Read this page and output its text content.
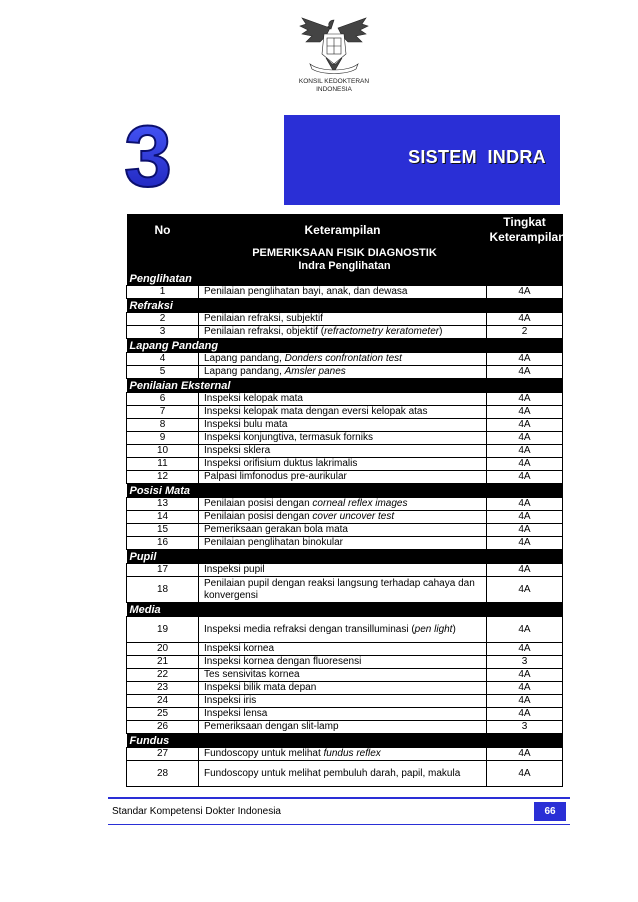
KONSIL KEDOKTERAN
INDONESIA
3	SISTEM  INDRA
No	Keterampilan	Tingkat Keterampilan
PEMERIKSAAN FISIK DIAGNOSTIK		
Indra Penglihatan		
Penglihatan		
1	Penilaian penglihatan bayi, anak, dan dewasa	4A
Refraksi		
2	Penilaian refraksi, subjektif	4A
3	Penilaian refraksi, objektif (refractometry keratometer)	2
Lapang Pandang		
4	Lapang pandang, Donders confrontation test	4A
5	Lapang pandang, Amsler panes	4A
Penilaian Eksternal		
6	Inspeksi kelopak mata	4A
7	Inspeksi kelopak mata dengan eversi kelopak atas	4A
8	Inspeksi bulu mata	4A
9	Inspeksi konjungtiva, termasuk forniks	4A
10	Inspeksi sklera	4A
11	Inspeksi orifisium duktus lakrimalis	4A
12	Palpasi limfonodus pre-aurikular	4A
Posisi Mata		
13	Penilaian posisi dengan corneal reflex images	4A
14	Penilaian posisi dengan cover uncover test	4A
15	Pemeriksaan gerakan bola mata	4A
16	Penilaian penglihatan binokular	4A
Pupil		
17	Inspeksi pupil	4A
18	Penilaian pupil dengan reaksi langsung terhadap cahaya dan konvergensi	4A
Media		
19	Inspeksi media refraksi dengan transilluminasi (pen light)	4A
20	Inspeksi kornea	4A
21	Inspeksi kornea dengan fluoresensi	3
22	Tes sensivitas kornea	4A
23	Inspeksi bilik mata depan	4A
24	Inspeksi iris	4A
25	Inspeksi lensa	4A
26	Pemeriksaan dengan slit-lamp	3
Fundus		
27	Fundoscopy untuk melihat fundus reflex	4A
28	Fundoscopy untuk melihat pembuluh darah, papil, makula	4A
Standar Kompetensi Dokter Indonesia	66
